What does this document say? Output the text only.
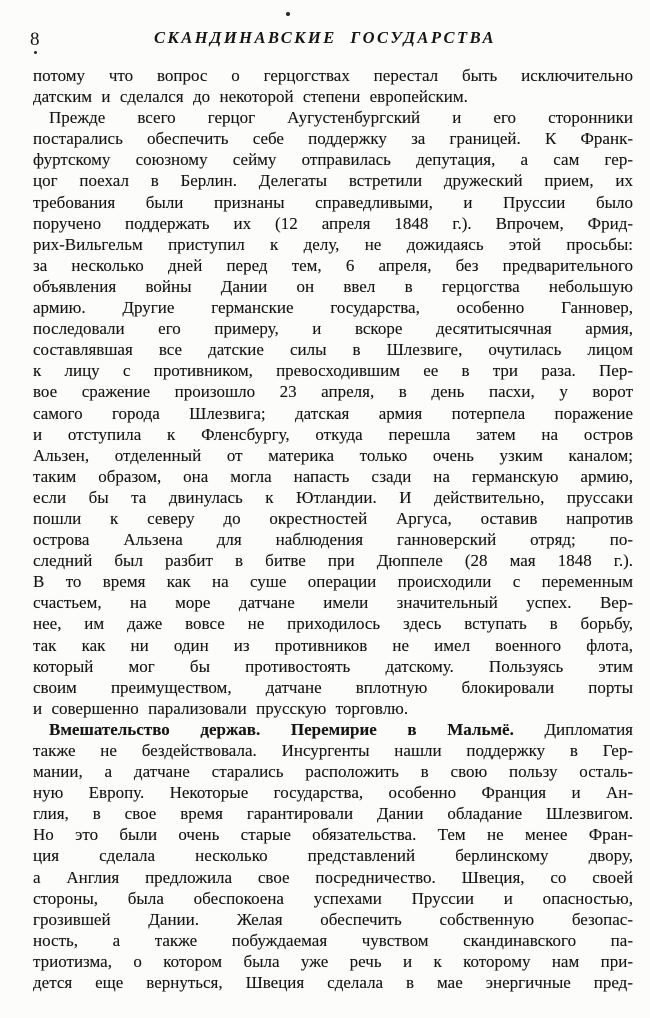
8	СКАНДИНАВСКИЕ ГОСУДАРСТВА
потому что вопрос о герцогствах перестал быть исключительно
датским и сделался до некоторой степени европейским.
Прежде всего герцог Аугустенбургский и его сторонники
постарались обеспечить себе поддержку за границей. К Франк-
фуртскому союзному сейму отправилась депутация, а сам гер-
цог поехал в Берлин. Делегаты встретили дружеский прием, их
требования были признаны справедливыми, и Пруссии было
поручено поддержать их (12 апреля 1848 г.). Впрочем, Фрид-
рих-Вильгельм приступил к делу, не дожидаясь этой просьбы:
за несколько дней перед тем, 6 апреля, без предварительного
объявления войны Дании он ввел в герцогства небольшую
армию. Другие германские государства, особенно Ганновер,
последовали его примеру, и вскоре десятитысячная армия,
составлявшая все датские силы в Шлезвиге, очутилась лицом
к лицу с противником, превосходившим ее в три раза. Пер-
вое сражение произошло 23 апреля, в день пасхи, у ворот
самого города Шлезвига; датская армия потерпела поражение
и отступила к Фленсбургу, откуда перешла затем на остров
Альзен, отделенный от материка только очень узким каналом;
таким образом, она могла напасть сзади на германскую армию,
если бы та двинулась к Ютландии. И действительно, пруссаки
пошли к северу до окрестностей Аргуса, оставив напротив
острова Альзена для наблюдения ганноверский отряд; по-
следний был разбит в битве при Дюппеле (28 мая 1848 г.).
В то время как на суше операции происходили с переменным
счастьем, на море датчане имели значительный успех. Вер-
нее, им даже вовсе не приходилось здесь вступать в борьбу,
так как ни один из противников не имел военного флота,
который мог бы противостоять датскому. Пользуясь этим
своим преимуществом, датчане вплотную блокировали порты
и совершенно парализовали прусскую торговлю.
Вмешательство держав. Перемирие в Мальмё. Дипломатия
также не бездействовала. Инсургенты нашли поддержку в Гер-
мании, а датчане старались расположить в свою пользу осталь-
ную Европу. Некоторые государства, особенно Франция и Ан-
глия, в свое время гарантировали Дании обладание Шлезвигом.
Но это были очень старые обязательства. Тем не менее Фран-
ция сделала несколько представлений берлинскому двору,
а Англия предложила свое посредничество. Швеция, со своей
стороны, была обеспокоена успехами Пруссии и опасностью,
грозившей Дании. Желая обеспечить собственную безопас-
ность, а также побуждаемая чувством скандинавского па-
триотизма, о котором была уже речь и к которому нам при-
дется еще вернуться, Швеция сделала в мае энергичные пред-
